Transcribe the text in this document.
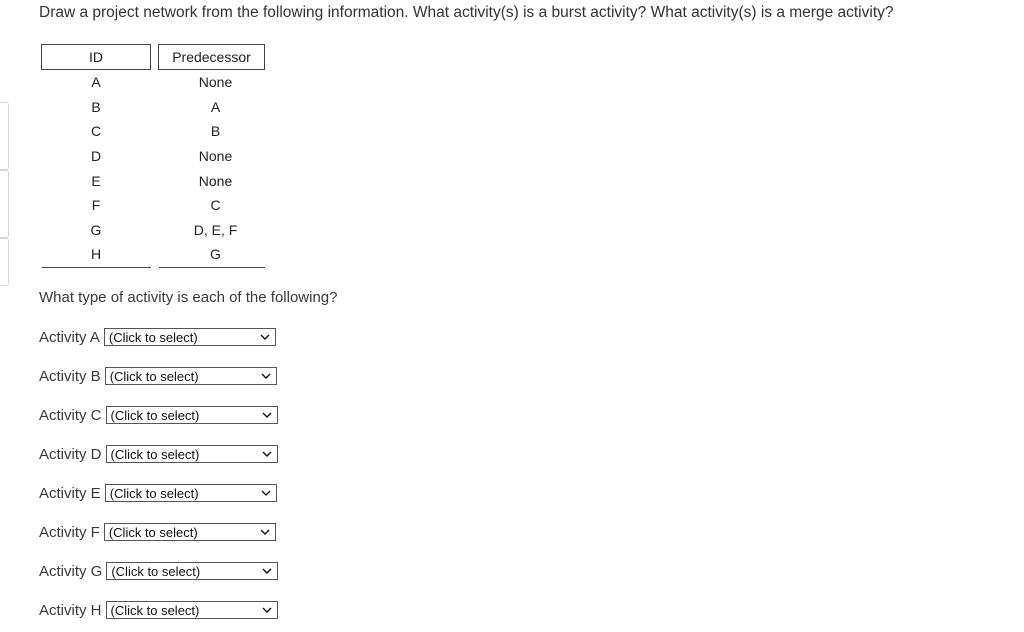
Draw a project network from the following information. What activity(s) is a burst activity? What activity(s) is a merge activity?
ID		Predecessor
A		None
B		A
C		B
D		None
E		None
F		C
G		D, E, F
H		G
What type of activity is each of the following?
Activity A (Click to select)
Activity B (Click to select)
Activity C (Click to select)
Activity D (Click to select)
Activity E (Click to select)
Activity F (Click to select)
Activity G (Click to select)
Activity H (Click to select)
